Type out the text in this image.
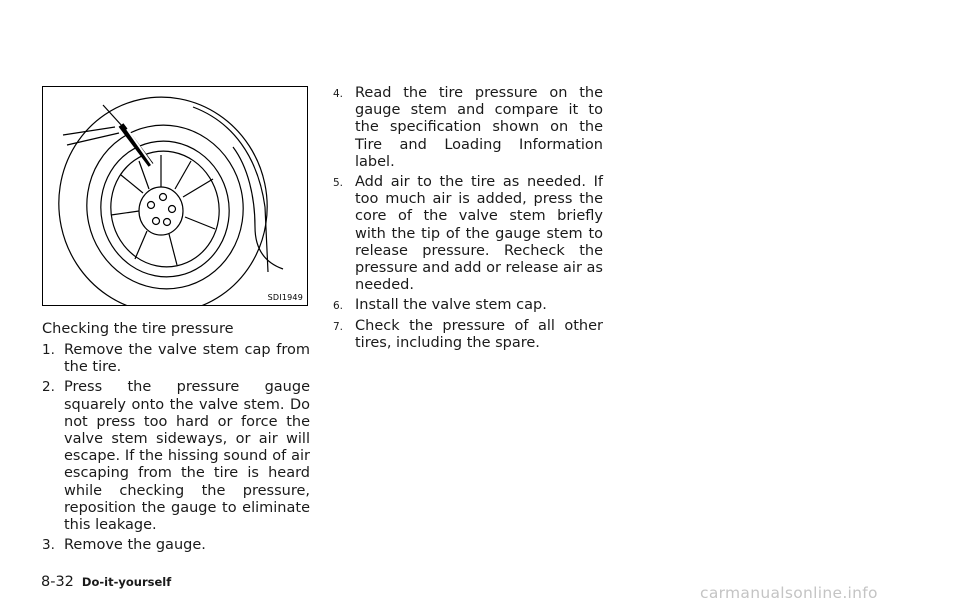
SDI1949
Checking the tire pressure
1. Remove the valve stem cap from the tire.
2. Press the pressure gauge squarely onto the valve stem. Do not press too hard or force the valve stem sideways, or air will escape. If the hissing sound of air escaping from the tire is heard while checking the pressure, reposition the gauge to eliminate this leakage.
3. Remove the gauge.
4. Read the tire pressure on the gauge stem and compare it to the specification shown on the Tire and Loading Information label.
5. Add air to the tire as needed. If too much air is added, press the core of the valve stem briefly with the tip of the gauge stem to release pressure. Recheck the pressure and add or release air as needed.
6. Install the valve stem cap.
7. Check the pressure of all other tires, including the spare.
8-32 Do-it-yourself
carmanualsonline.info
